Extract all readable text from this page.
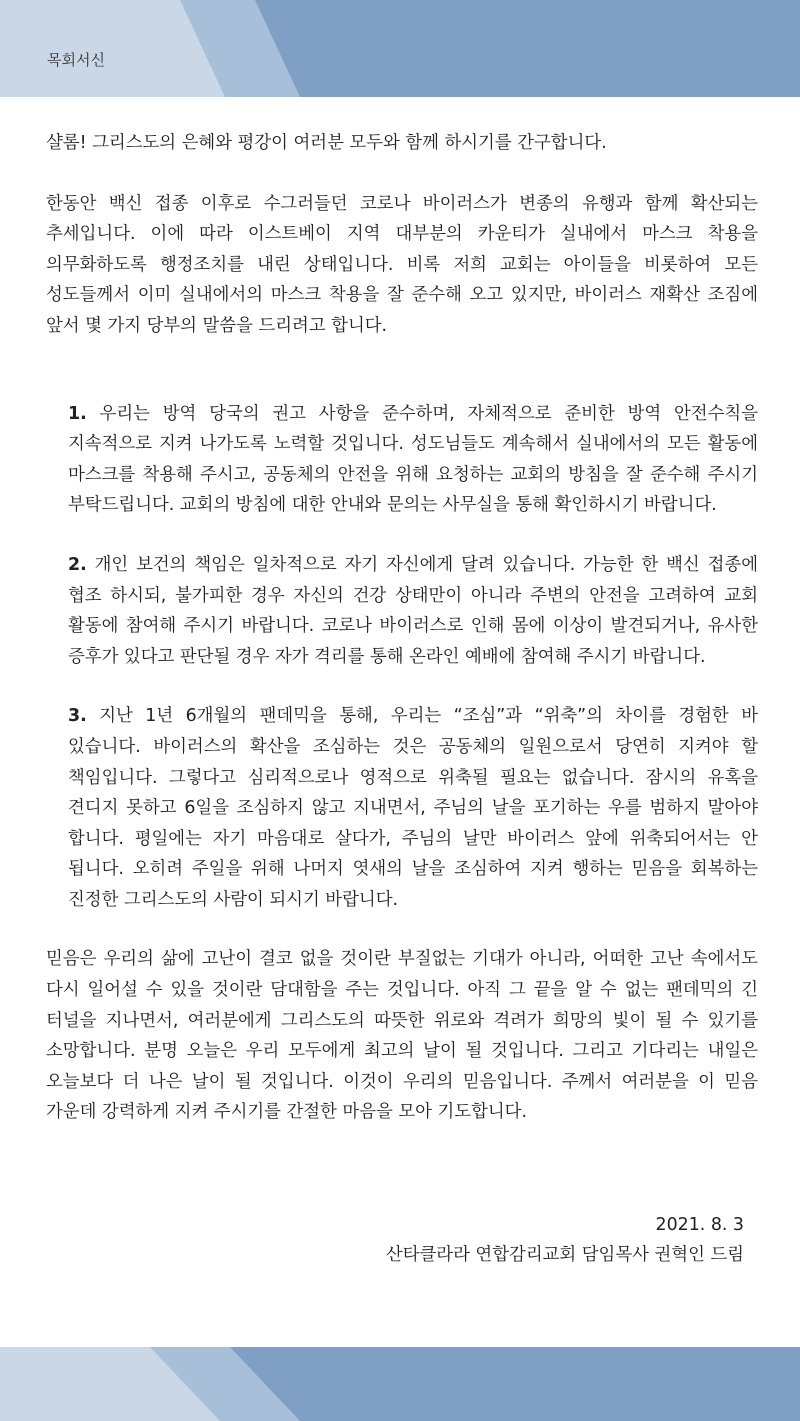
목회서신

샬롬! 그리스도의 은혜와 평강이 여러분 모두와 함께 하시기를 간구합니다.

한동안 백신 접종 이후로 수그러들던 코로나 바이러스가 변종의 유행과 함께 확산되는 추세입니다. 이에 따라 이스트베이 지역 대부분의 카운티가 실내에서 마스크 착용을 의무화하도록 행정조치를 내린 상태입니다. 비록 저희 교회는 아이들을 비롯하여 모든 성도들께서 이미 실내에서의 마스크 착용을 잘 준수해 오고 있지만, 바이러스 재확산 조짐에 앞서 몇 가지 당부의 말씀을 드리려고 합니다.

1. 우리는 방역 당국의 권고 사항을 준수하며, 자체적으로 준비한 방역 안전수칙을 지속적으로 지켜 나가도록 노력할 것입니다. 성도님들도 계속해서 실내에서의 모든 활동에 마스크를 착용해 주시고, 공동체의 안전을 위해 요청하는 교회의 방침을 잘 준수해 주시기 부탁드립니다. 교회의 방침에 대한 안내와 문의는 사무실을 통해 확인하시기 바랍니다.

2. 개인 보건의 책임은 일차적으로 자기 자신에게 달려 있습니다. 가능한 한 백신 접종에 협조 하시되, 불가피한 경우 자신의 건강 상태만이 아니라 주변의 안전을 고려하여 교회 활동에 참여해 주시기 바랍니다. 코로나 바이러스로 인해 몸에 이상이 발견되거나, 유사한 증후가 있다고 판단될 경우 자가 격리를 통해 온라인 예배에 참여해 주시기 바랍니다.

3. 지난 1년 6개월의 팬데믹을 통해, 우리는 “조심”과 “위축”의 차이를 경험한 바 있습니다. 바이러스의 확산을 조심하는 것은 공동체의 일원으로서 당연히 지켜야 할 책임입니다. 그렇다고 심리적으로나 영적으로 위축될 필요는 없습니다. 잠시의 유혹을 견디지 못하고 6일을 조심하지 않고 지내면서, 주님의 날을 포기하는 우를 범하지 말아야 합니다. 평일에는 자기 마음대로 살다가, 주님의 날만 바이러스 앞에 위축되어서는 안 됩니다. 오히려 주일을 위해 나머지 엿새의 날을 조심하여 지켜 행하는 믿음을 회복하는 진정한 그리스도의 사람이 되시기 바랍니다.

믿음은 우리의 삶에 고난이 결코 없을 것이란 부질없는 기대가 아니라, 어떠한 고난 속에서도 다시 일어설 수 있을 것이란 담대함을 주는 것입니다. 아직 그 끝을 알 수 없는 팬데믹의 긴 터널을 지나면서, 여러분에게 그리스도의 따뜻한 위로와 격려가 희망의 빛이 될 수 있기를 소망합니다. 분명 오늘은 우리 모두에게 최고의 날이 될 것입니다. 그리고 기다리는 내일은 오늘보다 더 나은 날이 될 것입니다. 이것이 우리의 믿음입니다. 주께서 여러분을 이 믿음 가운데 강력하게 지켜 주시기를 간절한 마음을 모아 기도합니다.

2021. 8. 3
산타클라라 연합감리교회 담임목사 권혁인 드림
